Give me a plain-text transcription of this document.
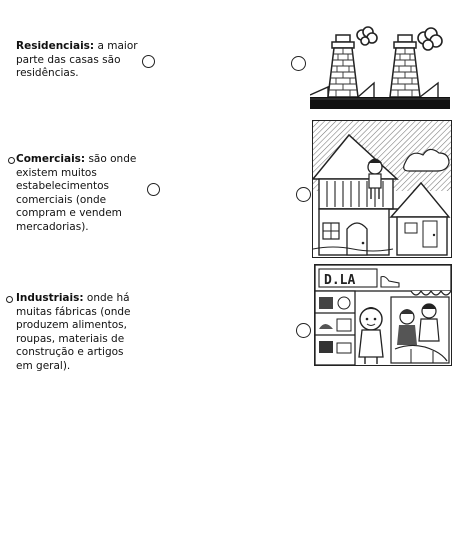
Residenciais: a maior parte das casas são residências.
Comerciais: são onde existem muitos estabelecimentos comerciais (onde compram e vendem mercadorias).
Industriais: onde há muitas fábricas (onde produzem alimentos, roupas, materiais de construção e artigos em geral).
D.LA
